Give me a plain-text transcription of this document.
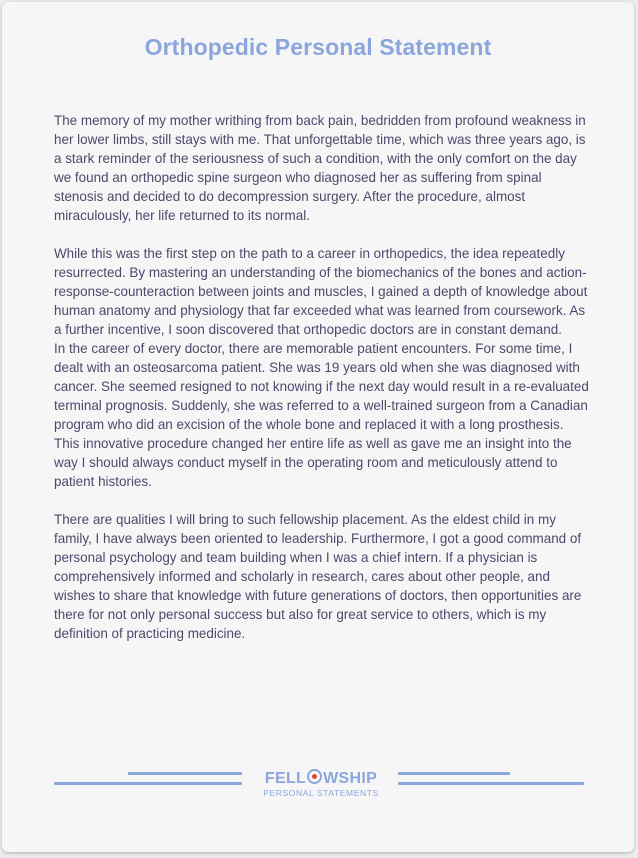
Orthopedic Personal Statement

The memory of my mother writhing from back pain, bedridden from profound weakness in her lower limbs, still stays with me. That unforgettable time, which was three years ago, is a stark reminder of the seriousness of such a condition, with the only comfort on the day we found an orthopedic spine surgeon who diagnosed her as suffering from spinal stenosis and decided to do decompression surgery. After the procedure, almost miraculously, her life returned to its normal.

While this was the first step on the path to a career in orthopedics, the idea repeatedly resurrected. By mastering an understanding of the biomechanics of the bones and action-response-counteraction between joints and muscles, I gained a depth of knowledge about human anatomy and physiology that far exceeded what was learned from coursework. As a further incentive, I soon discovered that orthopedic doctors are in constant demand.

In the career of every doctor, there are memorable patient encounters. For some time, I dealt with an osteosarcoma patient. She was 19 years old when she was diagnosed with cancer. She seemed resigned to not knowing if the next day would result in a re-evaluated terminal prognosis. Suddenly, she was referred to a well-trained surgeon from a Canadian program who did an excision of the whole bone and replaced it with a long prosthesis. This innovative procedure changed her entire life as well as gave me an insight into the way I should always conduct myself in the operating room and meticulously attend to patient histories.

There are qualities I will bring to such fellowship placement. As the eldest child in my family, I have always been oriented to leadership. Furthermore, I got a good command of personal psychology and team building when I was a chief intern. If a physician is comprehensively informed and scholarly in research, cares about other people, and wishes to share that knowledge with future generations of doctors, then opportunities are there for not only personal success but also for great service to others, which is my definition of practicing medicine.

FELL WSHIP
PERSONAL STATEMENTS
